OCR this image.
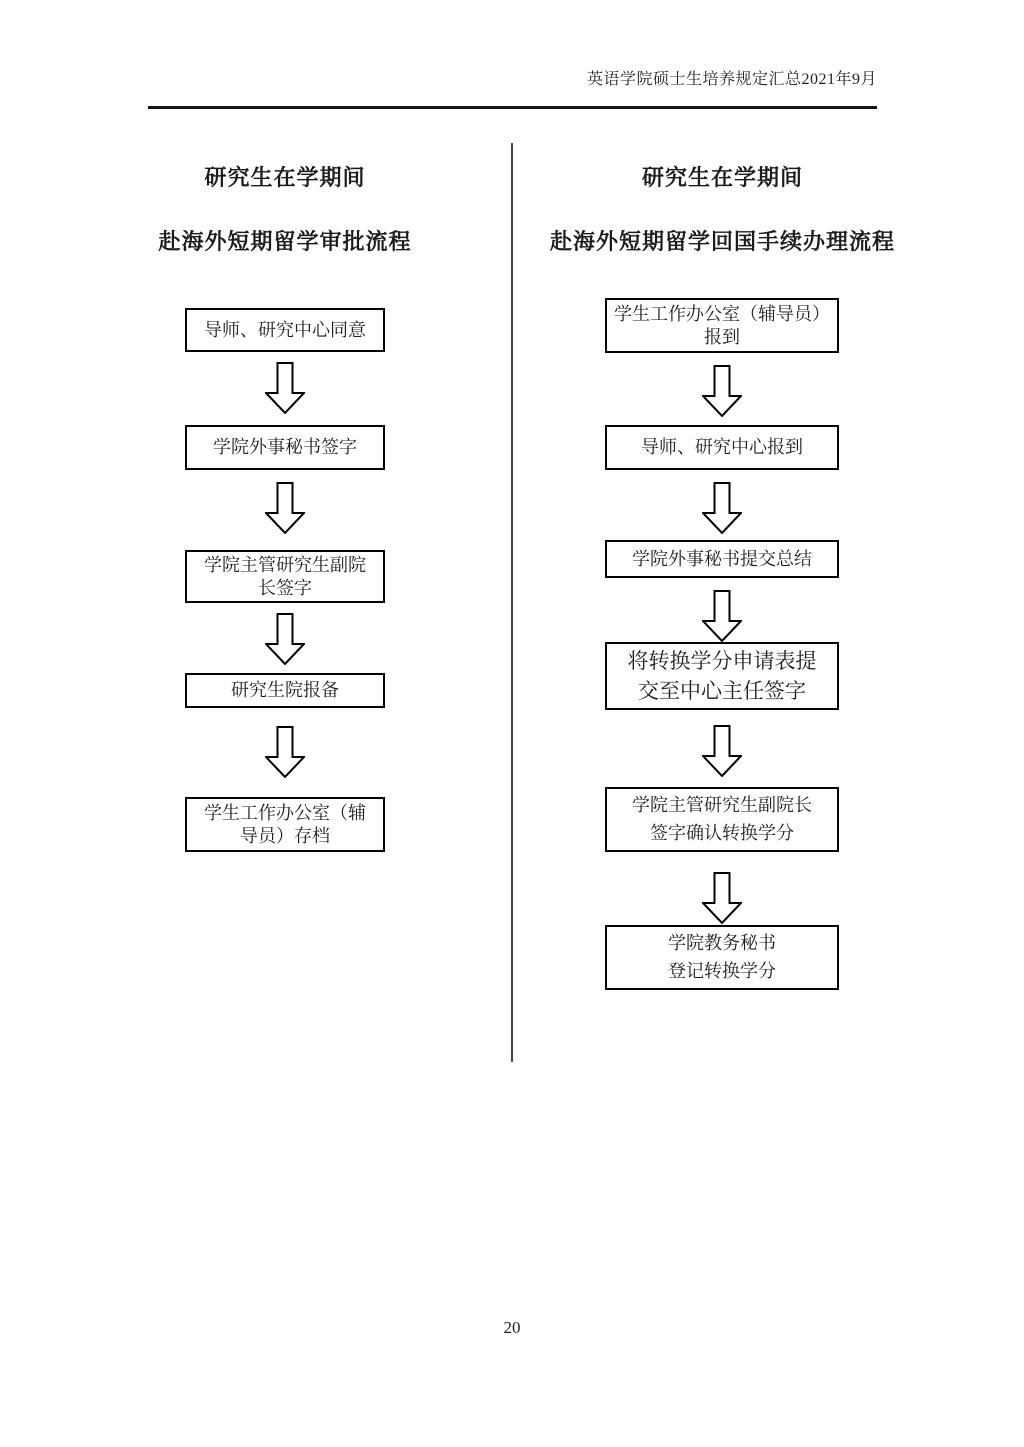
英语学院硕士生培养规定汇总2021年9月
研究生在学期间
赴海外短期留学审批流程
研究生在学期间
赴海外短期留学回国手续办理流程
导师、研究中心同意
学院外事秘书签字
学院主管研究生副院
长签字
研究生院报备
学生工作办公室（辅
导员）存档
学生工作办公室（辅导员）
报到
导师、研究中心报到
学院外事秘书提交总结
将转换学分申请表提
交至中心主任签字
学院主管研究生副院长
签字确认转换学分
学院教务秘书
登记转换学分
20
